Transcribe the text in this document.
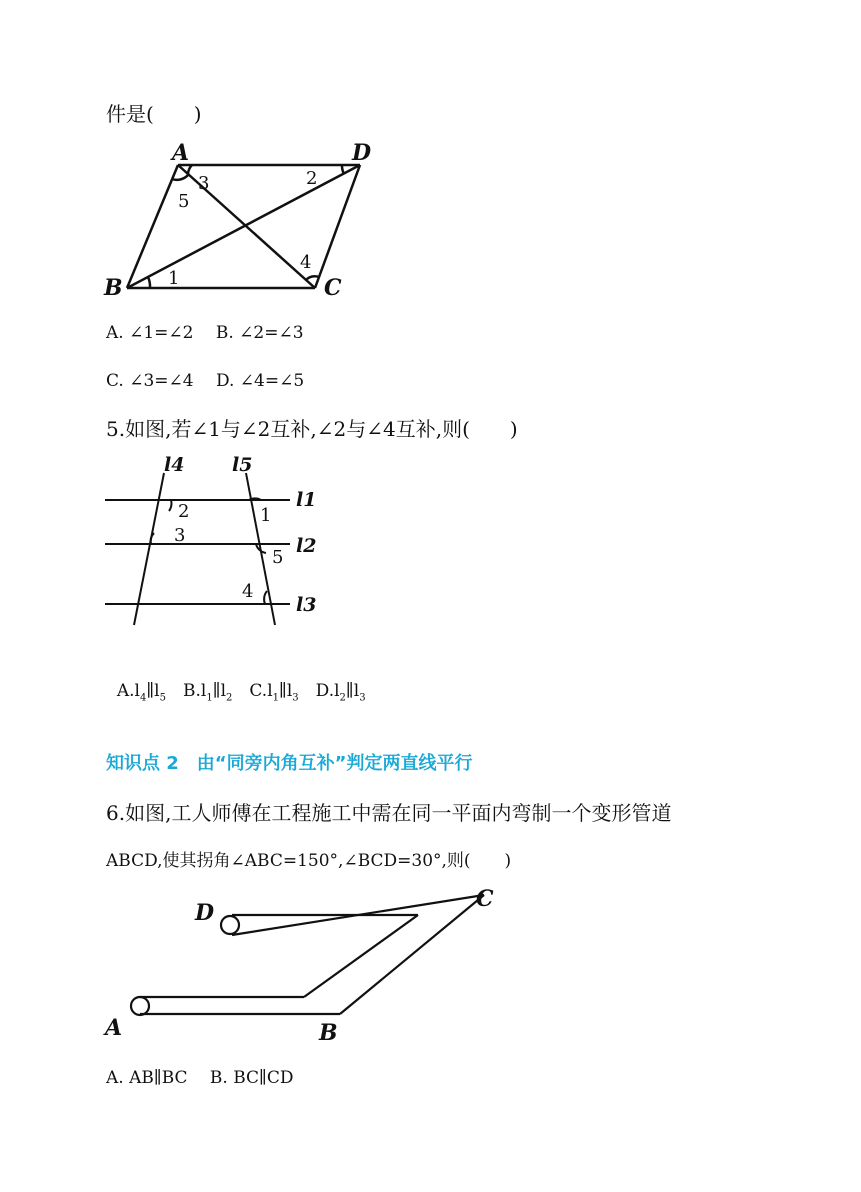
件是(　　)
A	D
B	C
3
5
2
1
4
A. ∠1=∠2　 B. ∠2=∠3
C. ∠3=∠4　 D. ∠4=∠5
5.如图,若∠1与∠2互补,∠2与∠4互补,则(　　)
l4	l5
l1
l2
l3
2
3
1
5
4

$A.l_4\parallel l_5$　 $B.l_1\parallel l_2$　 $C.l_1\parallel l_3$　 $D.l_2\parallel l_3$

知识点 2　由“同旁内角互补”判定两直线平行
6.如图,工人师傅在工程施工中需在同一平面内弯制一个变形管道
ABCD,使其拐角∠ABC=150°,∠BCD=30°,则(　　)
D
C
A	B
A. AB∥BC　 B. BC∥CD
